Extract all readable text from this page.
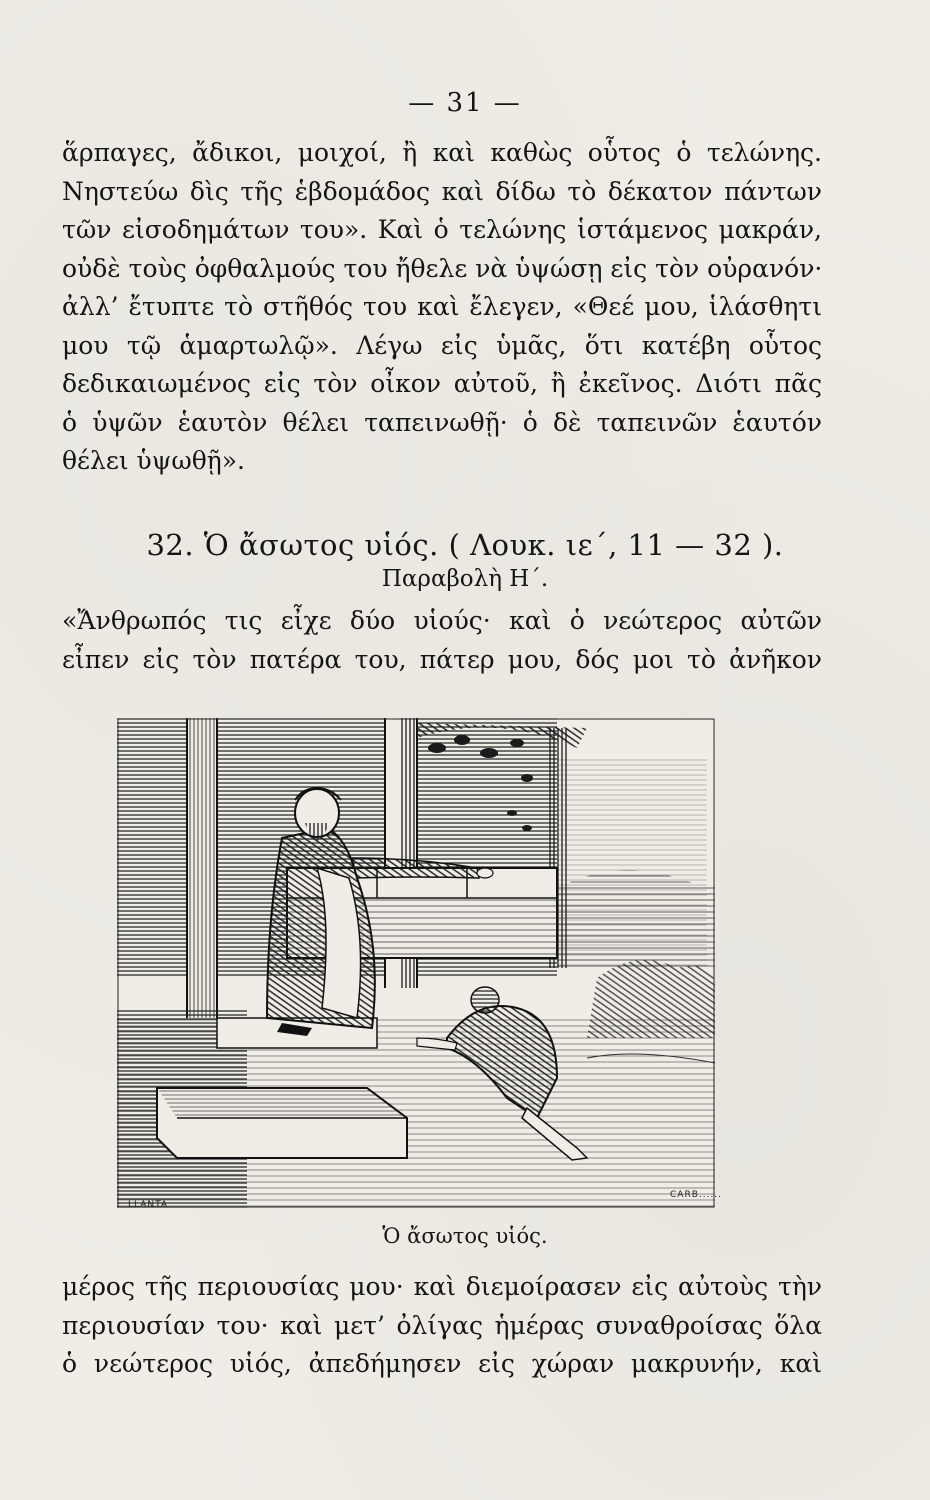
— 31 —

ἅρπαγες, ἄδικοι, μοιχοί, ἢ καὶ καθὼς οὗτος ὁ τελώνης.
Νηστεύω δὶς τῆς ἑβδομάδος καὶ δίδω τὸ δέκατον πάντων
τῶν εἰσοδημάτων του». Καὶ ὁ τελώνης ἱστάμενος μακράν,
οὐδὲ τοὺς ὀφθαλμούς του ἤθελε νὰ ὑψώσῃ εἰς τὸν οὐρανόν·
ἀλλ’ ἔτυπτε τὸ στῆθός του καὶ ἔλεγεν, «Θεέ μου, ἱλάσθητι
μου τῷ ἁμαρτωλῷ». Λέγω εἰς ὑμᾶς, ὅτι κατέβη οὗτος
δεδικαιωμένος εἰς τὸν οἶκον αὐτοῦ, ἢ ἐκεῖνος. Διότι πᾶς
ὁ ὑψῶν ἑαυτὸν θέλει ταπεινωθῇ· ὁ δὲ ταπεινῶν ἑαυτόν
θέλει ὑψωθῇ».

32. Ὁ ἄσωτος υἱός. ( Λουκ. ιε΄, 11 — 32 ).
Παραβολὴ Η΄.

«Ἄνθρωπός τις εἶχε δύο υἱούς· καὶ ὁ νεώτερος αὐτῶν
εἶπεν εἰς τὸν πατέρα του, πάτερ μου, δός μοι τὸ ἀνῆκον

LLANTA
CARB......
Ὁ ἄσωτος υἱός.

μέρος τῆς περιουσίας μου· καὶ διεμοίρασεν εἰς αὐτοὺς τὴν
περιουσίαν του· καὶ μετ’ ὀλίγας ἡμέρας συναθροίσας ὅλα
ὁ νεώτερος υἱός, ἀπεδήμησεν εἰς χώραν μακρυνήν, καὶ
